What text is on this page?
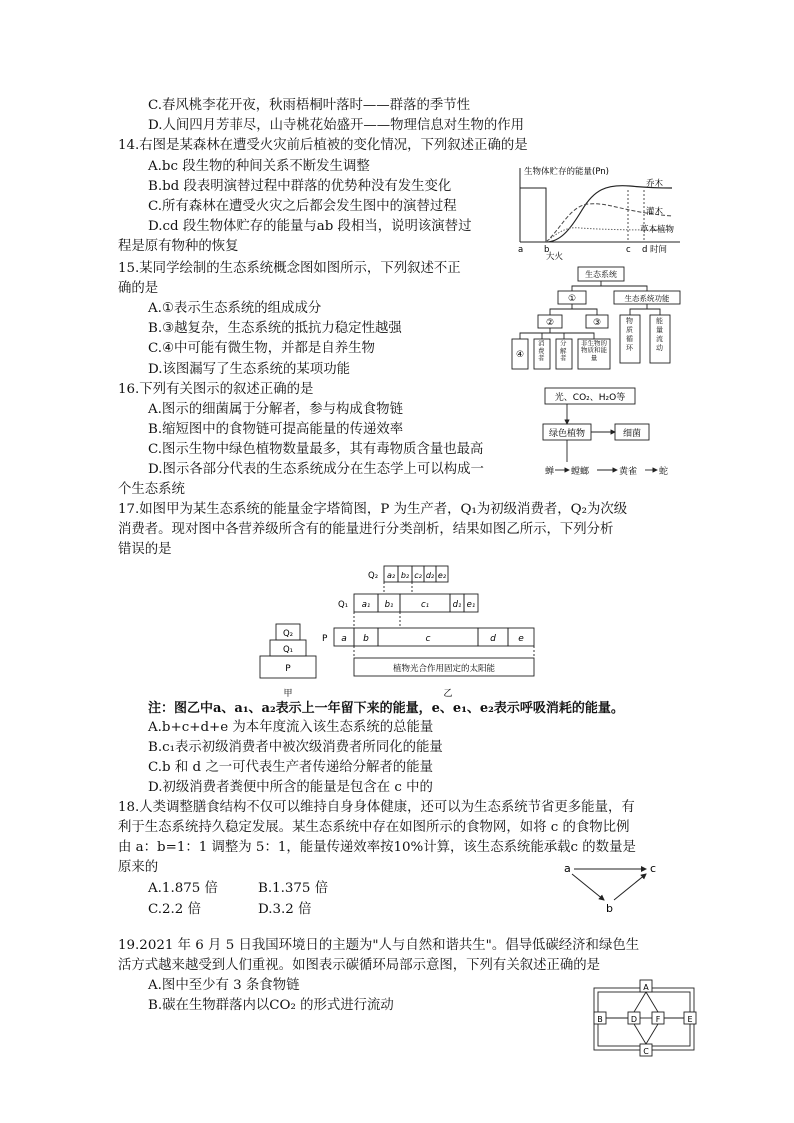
C.春风桃李花开夜，秋雨梧桐叶落时——群落的季节性
D.人间四月芳菲尽，山寺桃花始盛开——物理信息对生物的作用
14.右图是某森林在遭受火灾前后植被的变化情况，下列叙述正确的是
A.bc 段生物的种间关系不断发生调整
B.bd 段表明演替过程中群落的优势种没有发生变化
C.所有森林在遭受火灾之后都会发生图中的演替过程
D.cd 段生物体贮存的能量与ab 段相当，说明该演替过
程是原有物种的恢复
生物体贮存的能量(Pn)
乔木
灌木
草本植物
a b	c d 时间
大火
15.某同学绘制的生态系统概念图如图所示，下列叙述不正
确的是
A.①表示生态系统的组成成分
B.③越复杂，生态系统的抵抗力稳定性越强
C.④中可能有微生物，并都是自养生物
D.该图漏写了生态系统的某项功能
生态系统
①	生态系统功能
②	③
④
消费者
分解者
非生物的物质和能量
物质循环
能量流动
16.下列有关图示的叙述正确的是
A.图示的细菌属于分解者，参与构成食物链
B.缩短图中的食物链可提高能量的传递效率
C.图示生物中绿色植物数量最多，其有毒物质含量也最高
D.图示各部分代表的生态系统成分在生态学上可以构成一
个生态系统
光、CO₂、H₂O等
绿色植物	细菌
蝉 螳螂	黄雀 蛇
17.如图甲为某生态系统的能量金字塔简图，P 为生产者，Q₁为初级消费者，Q₂为次级
消费者。现对图中各营养级所含有的能量进行分类剖析，结果如图乙所示，下列分析
错误的是
Q₂
Q₁
P
Q₂ a₂ b₂ c₂ d₂ e₂
Q₁ a₁ b₁	c₁	d₁ e₁
P a b	c	d e
植物光合作用固定的太阳能
甲	乙
注：图乙中a、a₁、a₂表示上一年留下来的能量，e、e₁、e₂表示呼吸消耗的能量。
A.b+c+d+e 为本年度流入该生态系统的总能量
B.c₁表示初级消费者中被次级消费者所同化的能量
C.b 和 d 之一可代表生产者传递给分解者的能量
D.初级消费者粪便中所含的能量是包含在 c 中的
18.人类调整膳食结构不仅可以维持自身身体健康，还可以为生态系统节省更多能量，有
利于生态系统持久稳定发展。某生态系统中存在如图所示的食物网，如将 c 的食物比例
由 a：b=1：1 调整为 5：1，能量传递效率按10%计算，该生态系统能承载c 的数量是
原来的
A.1.875 倍	B.1.375 倍
C.2.2 倍	D.3.2 倍
a	c
b
19.2021 年 6 月 5 日我国环境日的主题为"人与自然和谐共生"。倡导低碳经济和绿色生
活方式越来越受到人们重视。如图表示碳循环局部示意图，下列有关叙述正确的是
A.图中至少有 3 条食物链
B.碳在生物群落内以CO₂ 的形式进行流动
A
B	D F	E
C
